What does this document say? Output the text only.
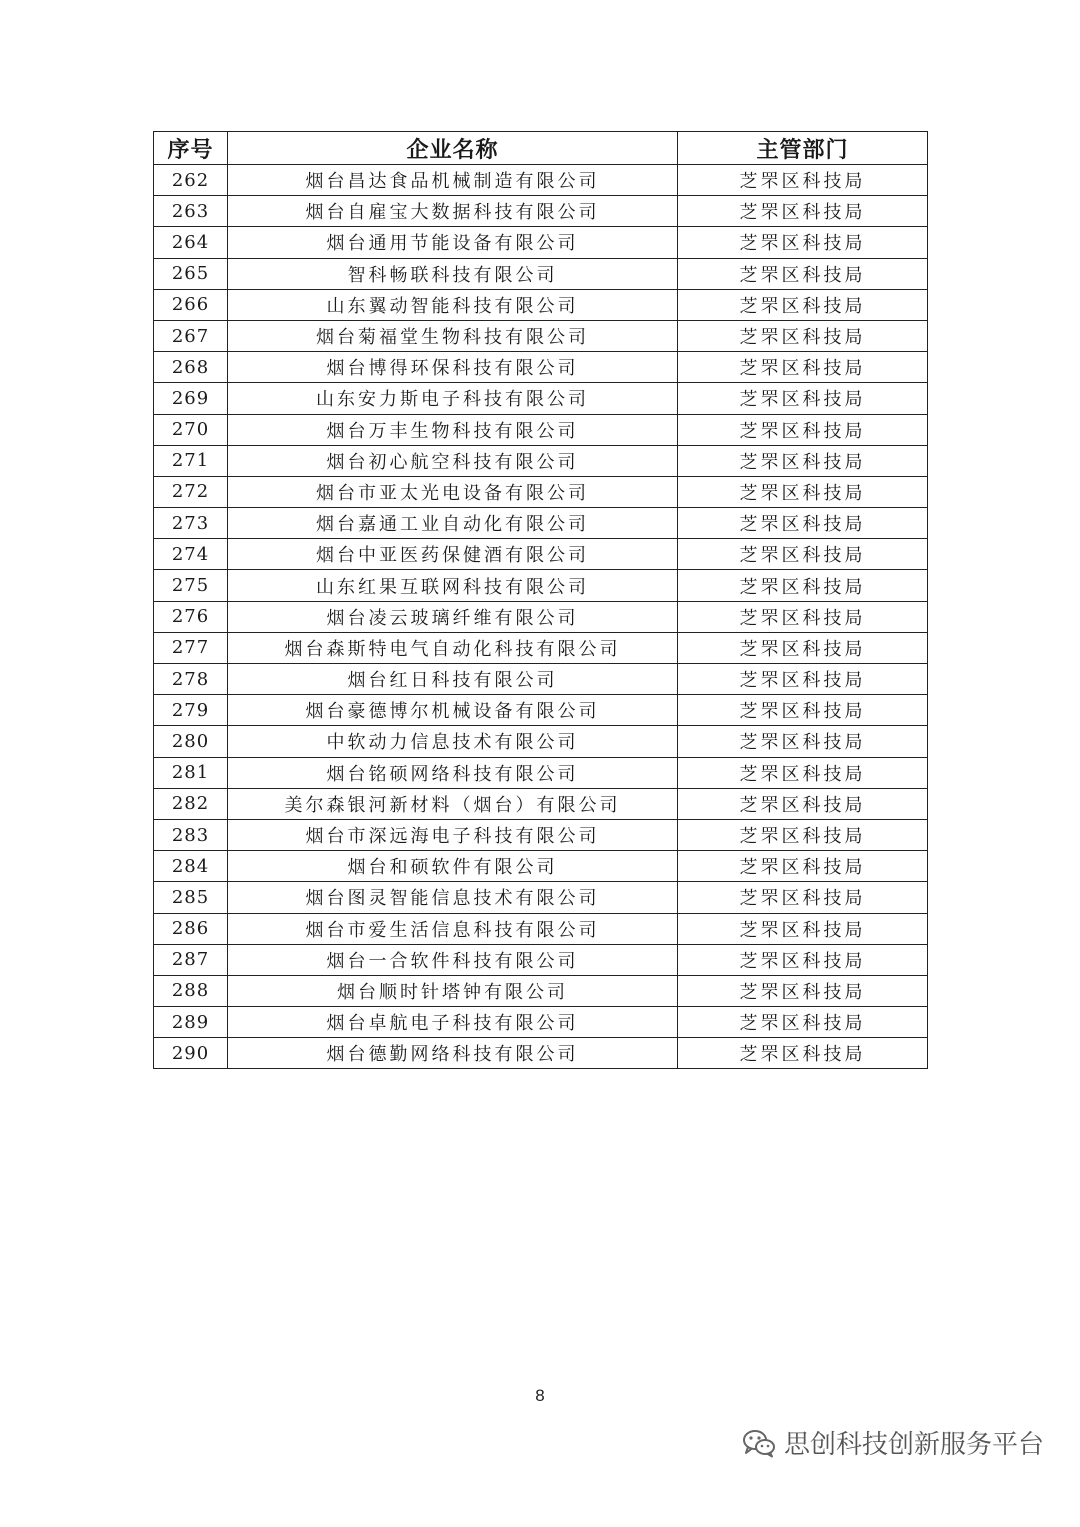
序号	企业名称	主管部门
262	烟台昌达食品机械制造有限公司	芝罘区科技局
263	烟台自雇宝大数据科技有限公司	芝罘区科技局
264	烟台通用节能设备有限公司	芝罘区科技局
265	智科畅联科技有限公司	芝罘区科技局
266	山东翼动智能科技有限公司	芝罘区科技局
267	烟台菊福堂生物科技有限公司	芝罘区科技局
268	烟台博得环保科技有限公司	芝罘区科技局
269	山东安力斯电子科技有限公司	芝罘区科技局
270	烟台万丰生物科技有限公司	芝罘区科技局
271	烟台初心航空科技有限公司	芝罘区科技局
272	烟台市亚太光电设备有限公司	芝罘区科技局
273	烟台嘉通工业自动化有限公司	芝罘区科技局
274	烟台中亚医药保健酒有限公司	芝罘区科技局
275	山东红果互联网科技有限公司	芝罘区科技局
276	烟台凌云玻璃纤维有限公司	芝罘区科技局
277	烟台森斯特电气自动化科技有限公司	芝罘区科技局
278	烟台红日科技有限公司	芝罘区科技局
279	烟台豪德博尔机械设备有限公司	芝罘区科技局
280	中软动力信息技术有限公司	芝罘区科技局
281	烟台铭硕网络科技有限公司	芝罘区科技局
282	美尔森银河新材料（烟台）有限公司	芝罘区科技局
283	烟台市深远海电子科技有限公司	芝罘区科技局
284	烟台和硕软件有限公司	芝罘区科技局
285	烟台图灵智能信息技术有限公司	芝罘区科技局
286	烟台市爱生活信息科技有限公司	芝罘区科技局
287	烟台一合软件科技有限公司	芝罘区科技局
288	烟台顺时针塔钟有限公司	芝罘区科技局
289	烟台卓航电子科技有限公司	芝罘区科技局
290	烟台德勤网络科技有限公司	芝罘区科技局
8
思创科技创新服务平台
